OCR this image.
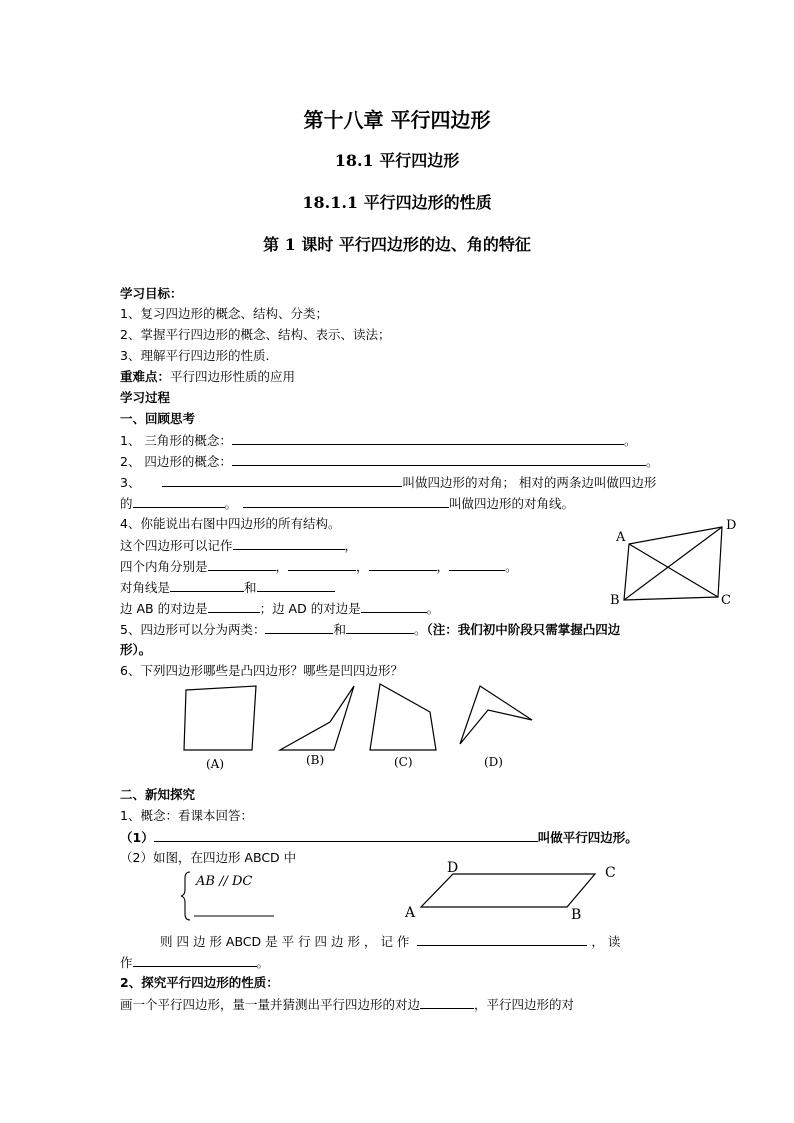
第十八章 平行四边形
18.1 平行四边形
18.1.1 平行四边形的性质
第 1 课时 平行四边形的边、角的特征
学习目标：
1、复习四边形的概念、结构、分类；
2、掌握平行四边形的概念、结构、表示、读法；
3、理解平行四边形的性质.
重难点：平行四边形性质的应用
学习过程
一、回顾思考
1、 三角形的概念：	。
2、 四边形的概念：	。
3、	叫做四边形的对角； 相对的两条边叫做四边形
的	。	叫做四边形的对角线。
4、你能说出右图中四边形的所有结构。
这个四边形可以记作	，
四个内角分别是	，	，	，	。
对角线是	和
边 AB 的对边是	；边 AD 的对边是	。
5、四边形可以分为两类：	和	。（注：我们初中阶段只需掌握凸四边
形）。
6、下列四边形哪些是凸四边形？哪些是凹四边形？
A
D
B	C
(A)	(B)	(C)	(D)
二、新知探究
1、概念：看课本回答：
（1）	叫做平行四边形。
（2）如图，在四边形 ABCD 中
AB // DC
D	C
A	B
则 四 边 形 ABCD 是 平 行 四 边 形 ， 记 作	， 读
作	。
2、探究平行四边形的性质：
画一个平行四边形，量一量并猜测出平行四边形的对边	，平行四边形的对
